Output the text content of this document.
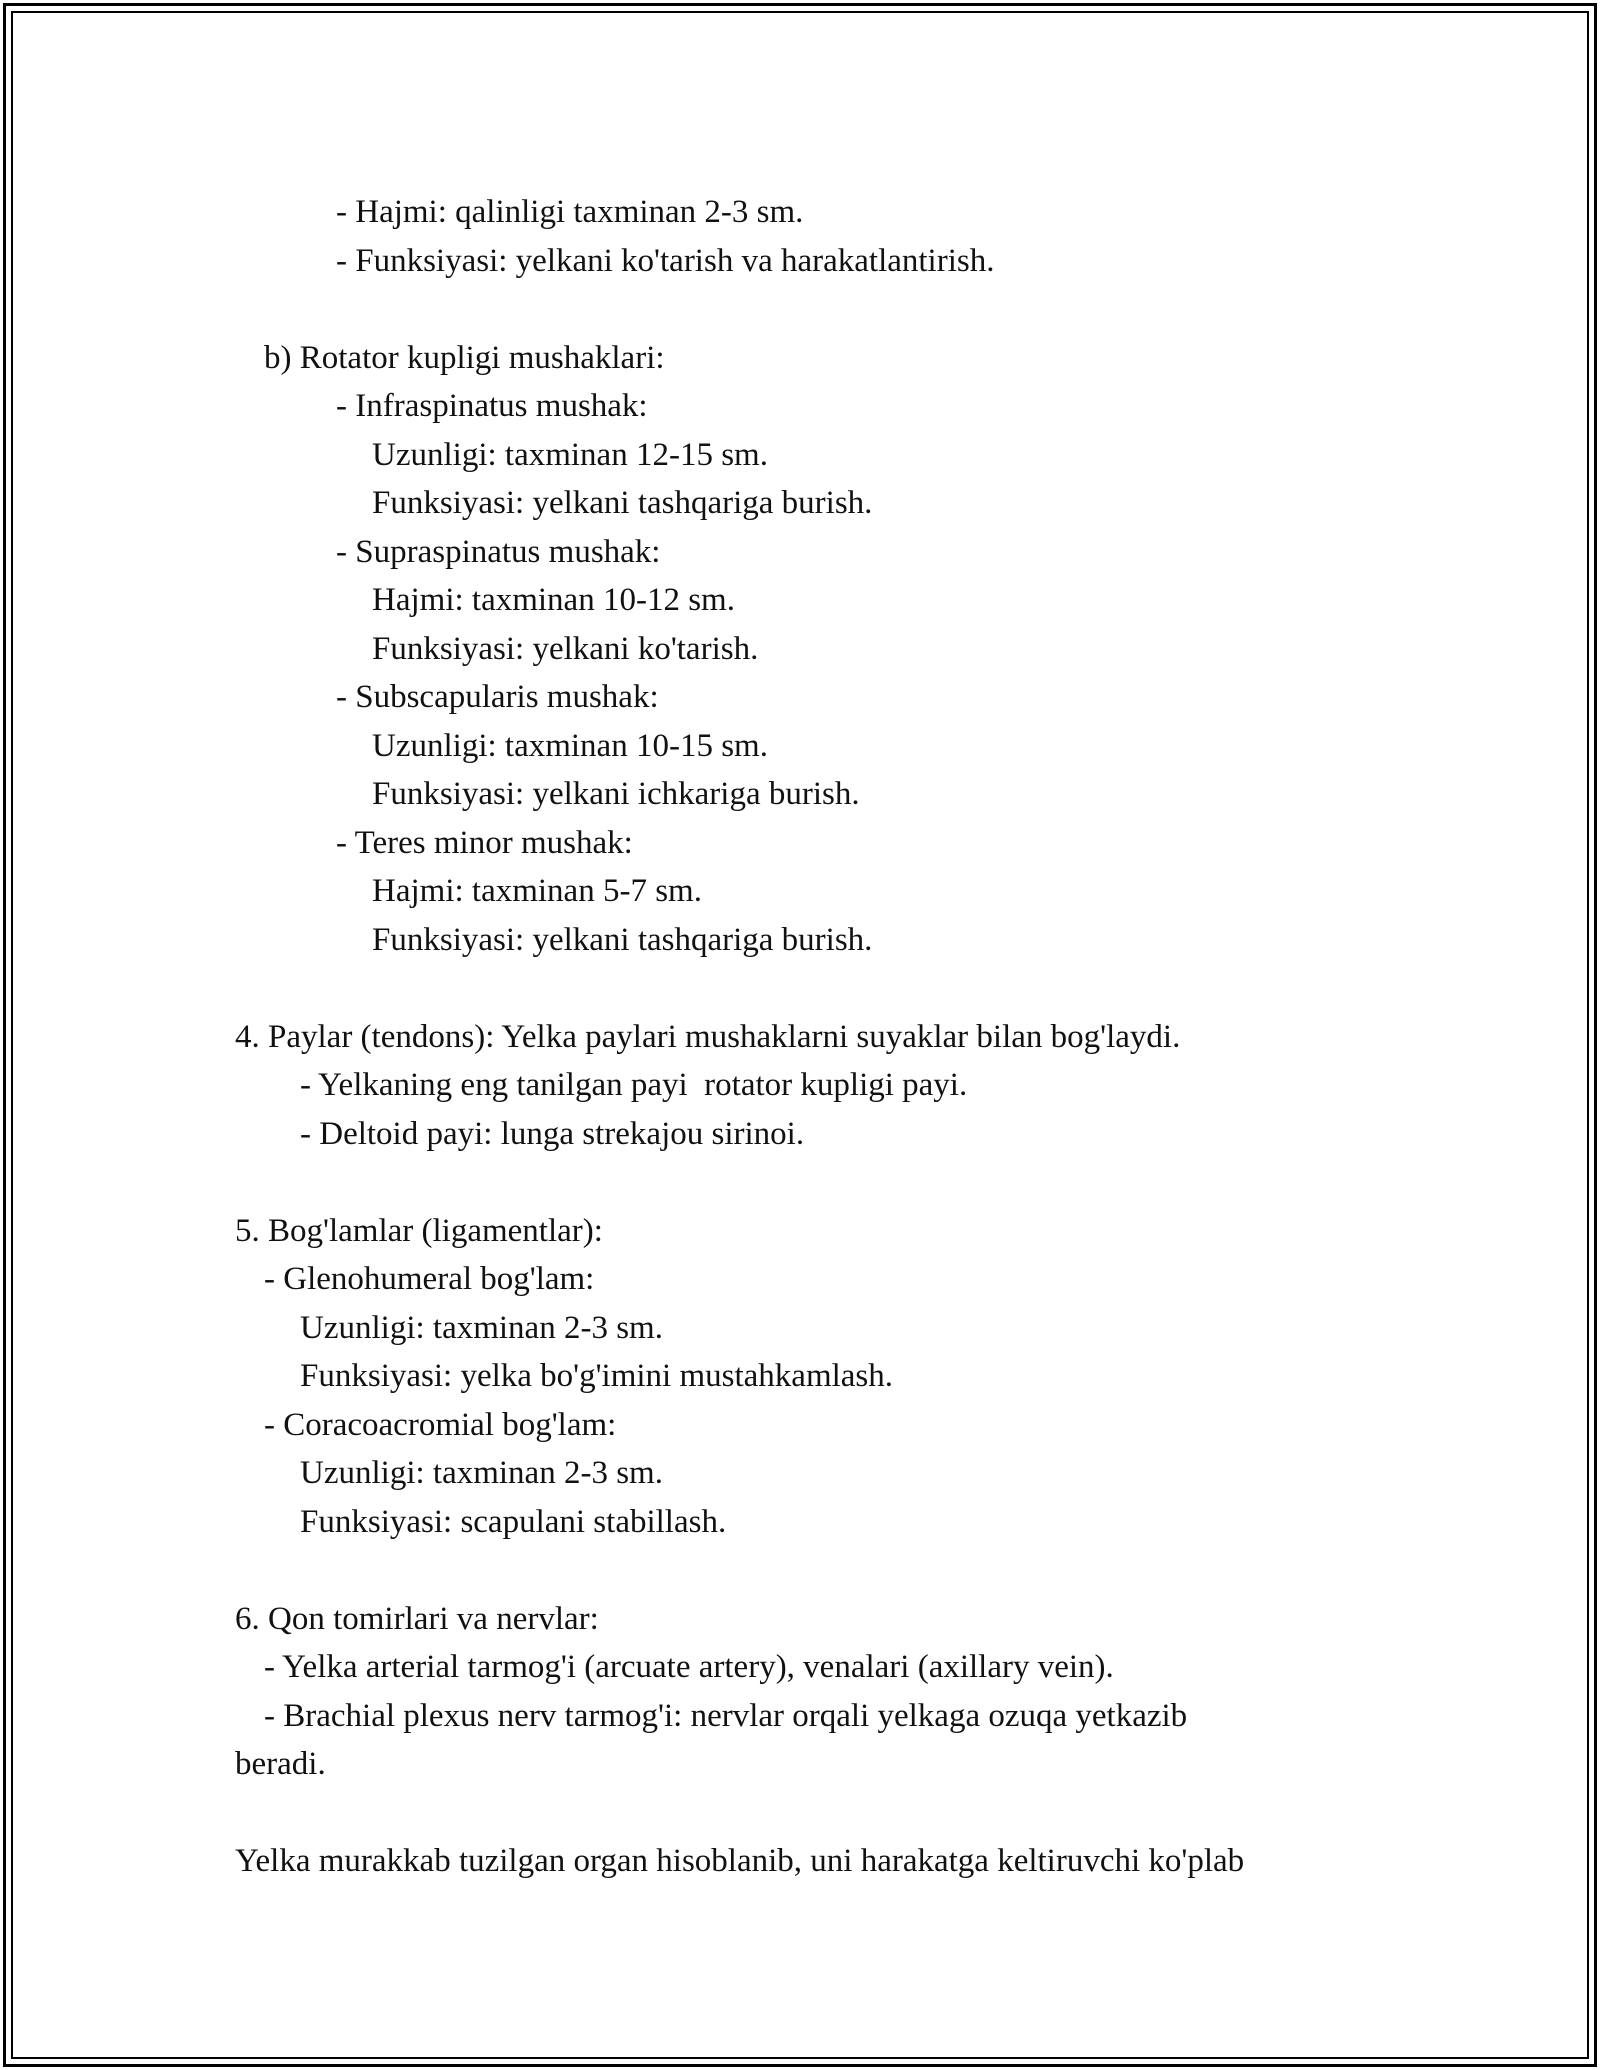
- Hajmi: qalinligi taxminan 2-3 sm.
- Funksiyasi: yelkani ko'tarish va harakatlantirish.
b) Rotator kupligi mushaklari:
- Infraspinatus mushak:
Uzunligi: taxminan 12-15 sm.
Funksiyasi: yelkani tashqariga burish.
- Supraspinatus mushak:
Hajmi: taxminan 10-12 sm.
Funksiyasi: yelkani ko'tarish.
- Subscapularis mushak:
Uzunligi: taxminan 10-15 sm.
Funksiyasi: yelkani ichkariga burish.
- Teres minor mushak:
Hajmi: taxminan 5-7 sm.
Funksiyasi: yelkani tashqariga burish.
4. Paylar (tendons): Yelka paylari mushaklarni suyaklar bilan bog'laydi.
- Yelkaning eng tanilgan payi  rotator kupligi payi.
- Deltoid payi: lunga strekajou sirinoi.
5. Bog'lamlar (ligamentlar):
- Glenohumeral bog'lam:
Uzunligi: taxminan 2-3 sm.
Funksiyasi: yelka bo'g'imini mustahkamlash.
- Coracoacromial bog'lam:
Uzunligi: taxminan 2-3 sm.
Funksiyasi: scapulani stabillash.
6. Qon tomirlari va nervlar:
- Yelka arterial tarmog'i (arcuate artery), venalari (axillary vein).
- Brachial plexus nerv tarmog'i: nervlar orqali yelkaga ozuqa yetkazib
beradi.
Yelka murakkab tuzilgan organ hisoblanib, uni harakatga keltiruvchi ko'plab
